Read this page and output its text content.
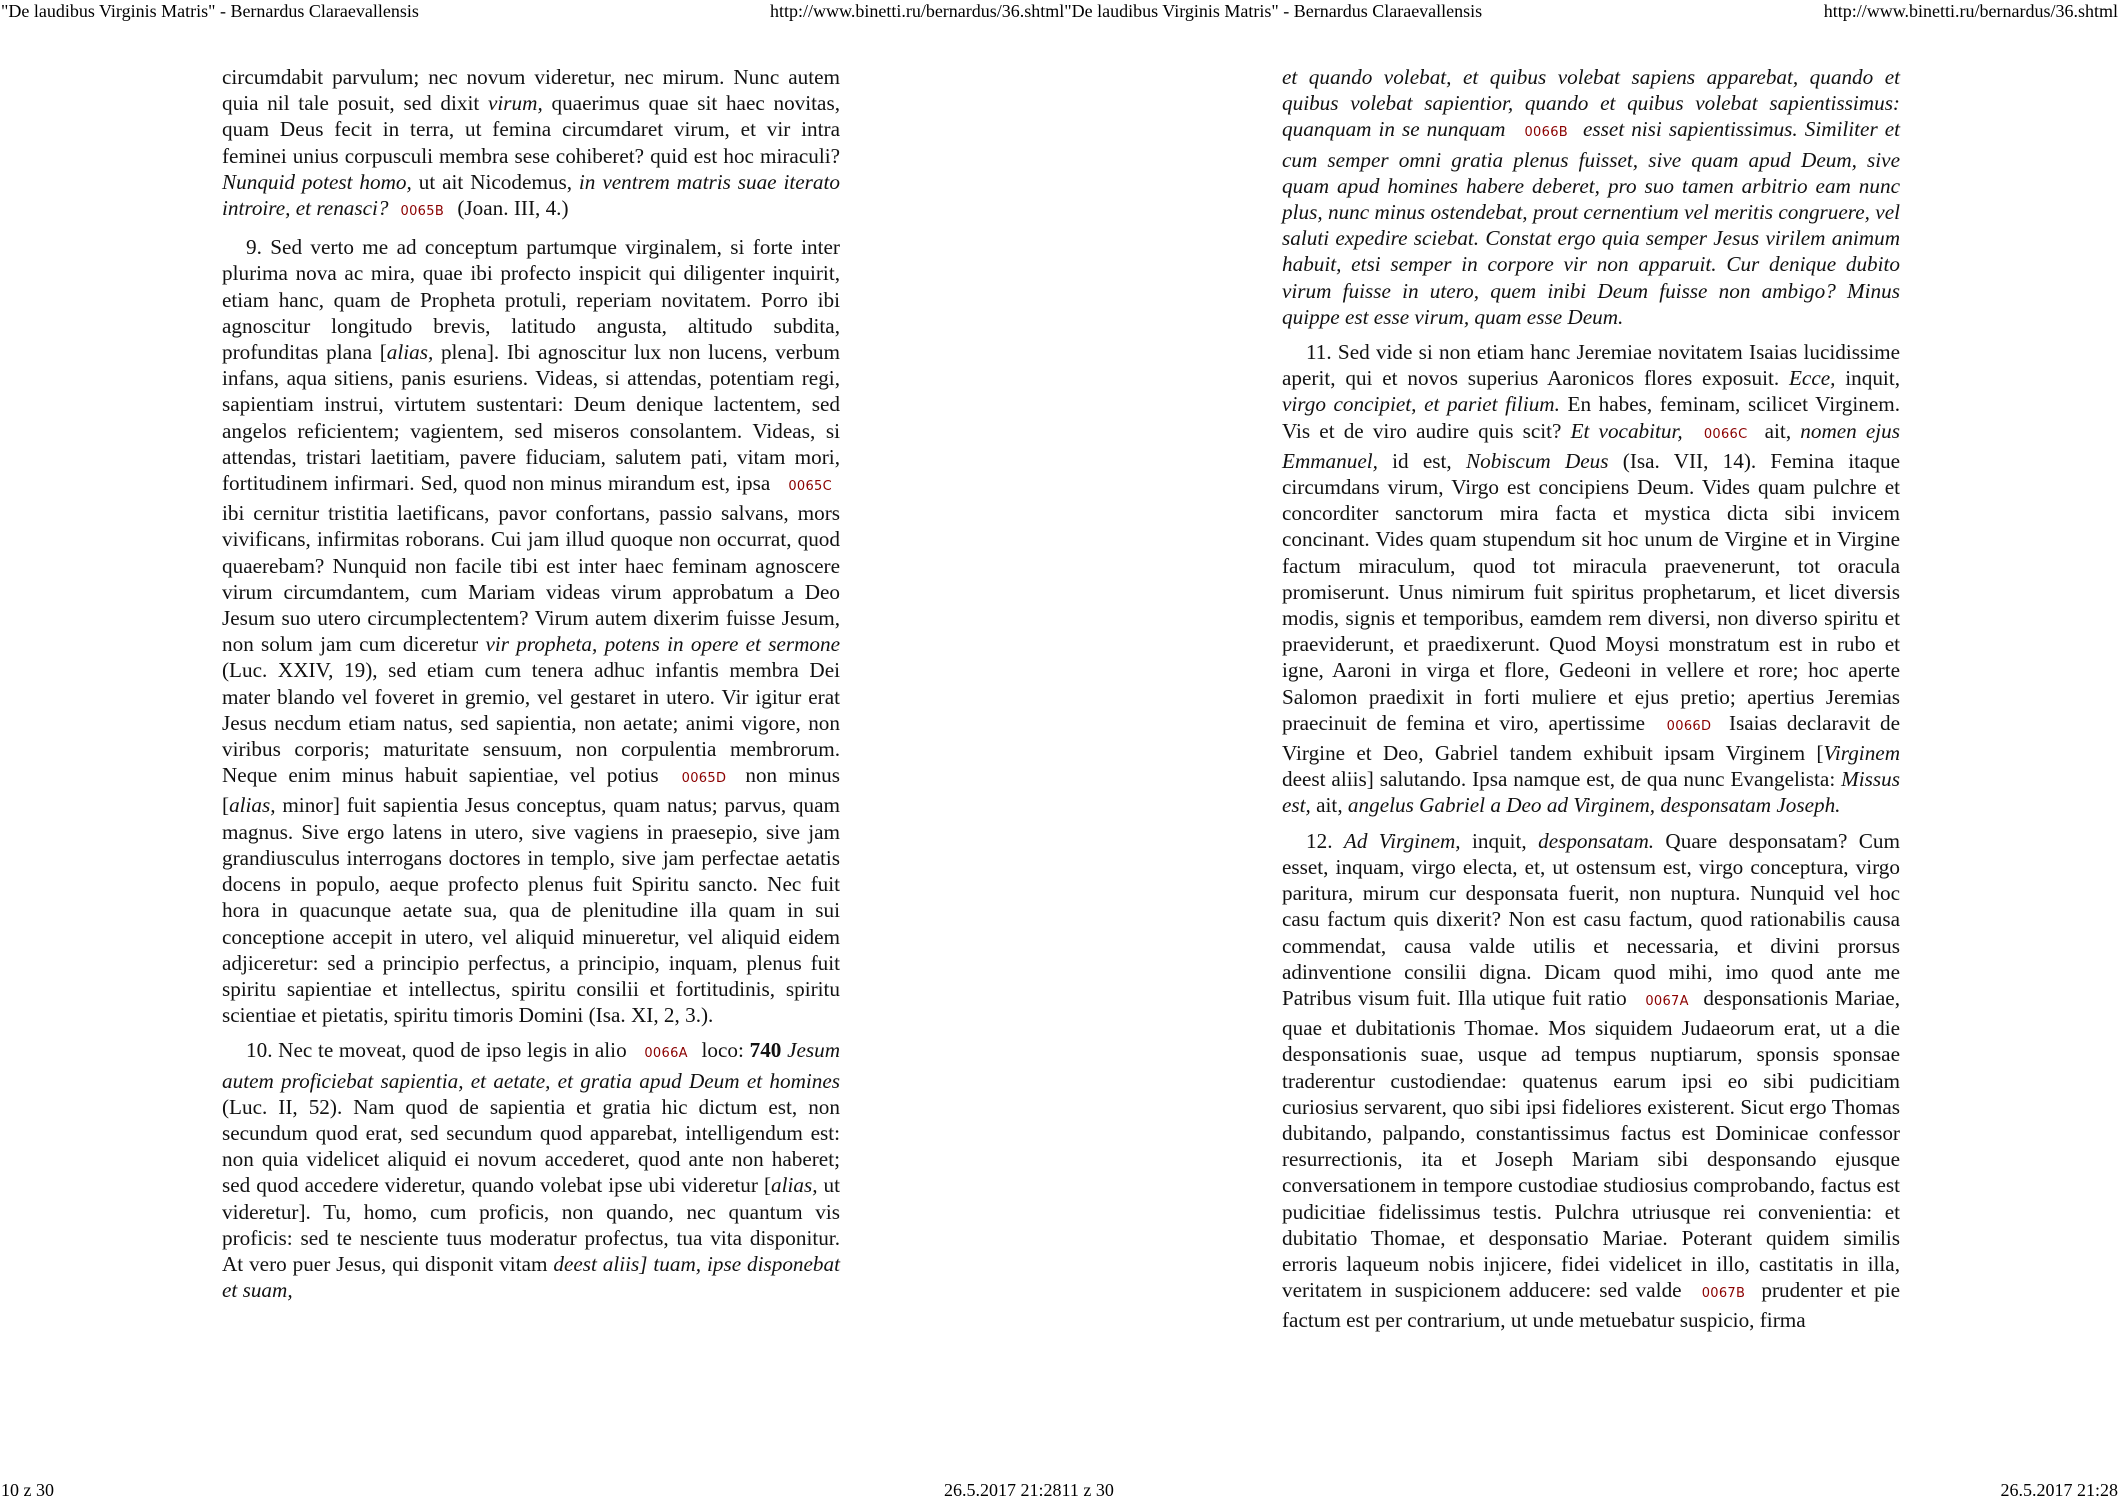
"De laudibus Virginis Matris" - Bernardus Claraevallensis	http://www.binetti.ru/bernardus/36.shtml"De laudibus Virginis Matris" - Bernardus Claraevallensis	http://www.binetti.ru/bernardus/36.shtml

circumdabit parvulum; nec novum videretur, nec mirum. Nunc autem quia nil tale posuit, sed dixit virum, quaerimus quae sit haec novitas, quam Deus fecit in terra, ut femina circumdaret virum, et vir intra feminei unius corpusculi membra sese cohiberet? quid est hoc miraculi? Nunquid potest homo, ut ait Nicodemus, in ventrem matris suae iterato introire, et renasci? 0065B (Joan. III, 4.)

9. Sed verto me ad conceptum partumque virginalem, si forte inter plurima nova ac mira, quae ibi profecto inspicit qui diligenter inquirit, etiam hanc, quam de Propheta protuli, reperiam novitatem. Porro ibi agnoscitur longitudo brevis, latitudo angusta, altitudo subdita, profunditas plana [alias, plena]. Ibi agnoscitur lux non lucens, verbum infans, aqua sitiens, panis esuriens. Videas, si attendas, potentiam regi, sapientiam instrui, virtutem sustentari: Deum denique lactentem, sed angelos reficientem; vagientem, sed miseros consolantem. Videas, si attendas, tristari laetitiam, pavere fiduciam, salutem pati, vitam mori, fortitudinem infirmari. Sed, quod non minus mirandum est, ipsa 0065C ibi cernitur tristitia laetificans, pavor confortans, passio salvans, mors vivificans, infirmitas roborans. Cui jam illud quoque non occurrat, quod quaerebam? Nunquid non facile tibi est inter haec feminam agnoscere virum circumdantem, cum Mariam videas virum approbatum a Deo Jesum suo utero circumplectentem? Virum autem dixerim fuisse Jesum, non solum jam cum diceretur vir propheta, potens in opere et sermone (Luc. XXIV, 19), sed etiam cum tenera adhuc infantis membra Dei mater blando vel foveret in gremio, vel gestaret in utero. Vir igitur erat Jesus necdum etiam natus, sed sapientia, non aetate; animi vigore, non viribus corporis; maturitate sensuum, non corpulentia membrorum. Neque enim minus habuit sapientiae, vel potius 0065D non minus [alias, minor] fuit sapientia Jesus conceptus, quam natus; parvus, quam magnus. Sive ergo latens in utero, sive vagiens in praesepio, sive jam grandiusculus interrogans doctores in templo, sive jam perfectae aetatis docens in populo, aeque profecto plenus fuit Spiritu sancto. Nec fuit hora in quacunque aetate sua, qua de plenitudine illa quam in sui conceptione accepit in utero, vel aliquid minueretur, vel aliquid eidem adjiceretur: sed a principio perfectus, a principio, inquam, plenus fuit spiritu sapientiae et intellectus, spiritu consilii et fortitudinis, spiritu scientiae et pietatis, spiritu timoris Domini (Isa. XI, 2, 3.).

10. Nec te moveat, quod de ipso legis in alio 0066A loco: 740 Jesum autem proficiebat sapientia, et aetate, et gratia apud Deum et homines (Luc. II, 52). Nam quod de sapientia et gratia hic dictum est, non secundum quod erat, sed secundum quod apparebat, intelligendum est: non quia videlicet aliquid ei novum accederet, quod ante non haberet; sed quod accedere videretur, quando volebat ipse ubi videretur [alias, ut videretur]. Tu, homo, cum proficis, non quando, nec quantum vis proficis: sed te nesciente tuus moderatur profectus, tua vita disponitur. At vero puer Jesus, qui disponit vitam deest aliis] tuam, ipse disponebat et suam,

et quando volebat, et quibus volebat sapiens apparebat, quando et quibus volebat sapientior, quando et quibus volebat sapientissimus: quanquam in se nunquam 0066B esset nisi sapientissimus. Similiter et cum semper omni gratia plenus fuisset, sive quam apud Deum, sive quam apud homines habere deberet, pro suo tamen arbitrio eam nunc plus, nunc minus ostendebat, prout cernentium vel meritis congruere, vel saluti expedire sciebat. Constat ergo quia semper Jesus virilem animum habuit, etsi semper in corpore vir non apparuit. Cur denique dubito virum fuisse in utero, quem inibi Deum fuisse non ambigo? Minus quippe est esse virum, quam esse Deum.

11. Sed vide si non etiam hanc Jeremiae novitatem Isaias lucidissime aperit, qui et novos superius Aaronicos flores exposuit. Ecce, inquit, virgo concipiet, et pariet filium. En habes, feminam, scilicet Virginem. Vis et de viro audire quis scit? Et vocabitur, 0066C ait, nomen ejus Emmanuel, id est, Nobiscum Deus (Isa. VII, 14). Femina itaque circumdans virum, Virgo est concipiens Deum. Vides quam pulchre et concorditer sanctorum mira facta et mystica dicta sibi invicem concinant. Vides quam stupendum sit hoc unum de Virgine et in Virgine factum miraculum, quod tot miracula praevenerunt, tot oracula promiserunt. Unus nimirum fuit spiritus prophetarum, et licet diversis modis, signis et temporibus, eamdem rem diversi, non diverso spiritu et praeviderunt, et praedixerunt. Quod Moysi monstratum est in rubo et igne, Aaroni in virga et flore, Gedeoni in vellere et rore; hoc aperte Salomon praedixit in forti muliere et ejus pretio; apertius Jeremias praecinuit de femina et viro, apertissime 0066D Isaias declaravit de Virgine et Deo, Gabriel tandem exhibuit ipsam Virginem [Virginem deest aliis] salutando. Ipsa namque est, de qua nunc Evangelista: Missus est, ait, angelus Gabriel a Deo ad Virginem, desponsatam Joseph.

12. Ad Virginem, inquit, desponsatam. Quare desponsatam? Cum esset, inquam, virgo electa, et, ut ostensum est, virgo conceptura, virgo paritura, mirum cur desponsata fuerit, non nuptura. Nunquid vel hoc casu factum quis dixerit? Non est casu factum, quod rationabilis causa commendat, causa valde utilis et necessaria, et divini prorsus adinventione consilii digna. Dicam quod mihi, imo quod ante me Patribus visum fuit. Illa utique fuit ratio 0067A desponsationis Mariae, quae et dubitationis Thomae. Mos siquidem Judaeorum erat, ut a die desponsationis suae, usque ad tempus nuptiarum, sponsis sponsae traderentur custodiendae: quatenus earum ipsi eo sibi pudicitiam curiosius servarent, quo sibi ipsi fideliores existerent. Sicut ergo Thomas dubitando, palpando, constantissimus factus est Dominicae confessor resurrectionis, ita et Joseph Mariam sibi desponsando ejusque conversationem in tempore custodiae studiosius comprobando, factus est pudicitiae fidelissimus testis. Pulchra utriusque rei convenientia: et dubitatio Thomae, et desponsatio Mariae. Poterant quidem similis erroris laqueum nobis injicere, fidei videlicet in illo, castitatis in illa, veritatem in suspicionem adducere: sed valde 0067B prudenter et pie factum est per contrarium, ut unde metuebatur suspicio, firma

10 z 30	26.5.2017 21:2811 z 30	26.5.2017 21:28
